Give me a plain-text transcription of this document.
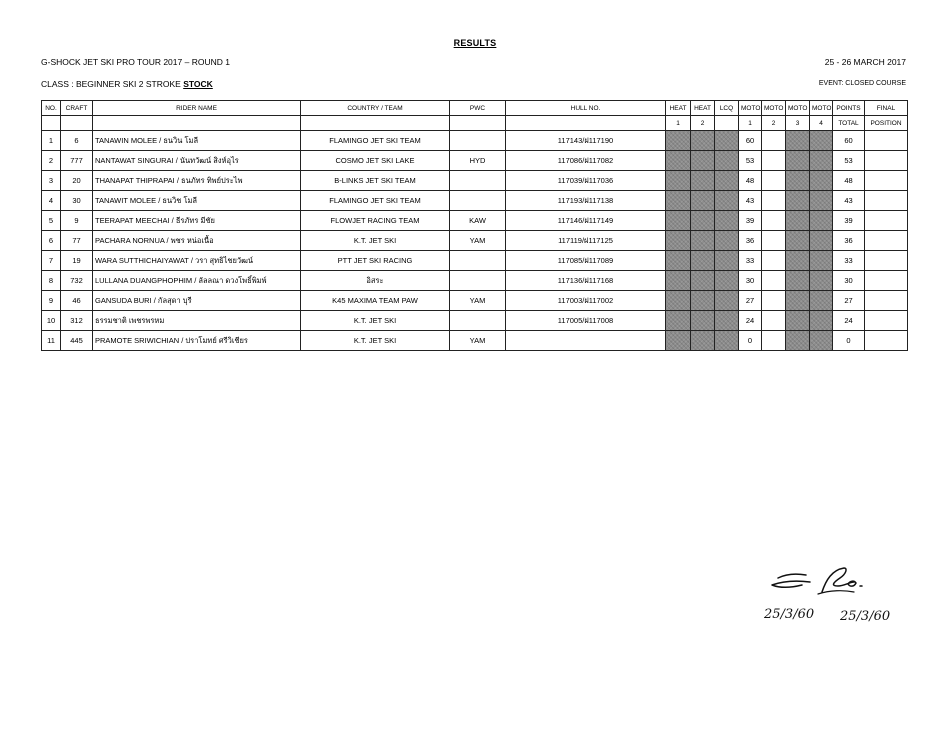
RESULTS
G-SHOCK JET SKI PRO TOUR 2017 – ROUND 1	25 - 26 MARCH 2017
CLASS : BEGINNER SKI 2 STROKE STOCK	EVENT: CLOSED COURSE
NO.	CRAFT	RIDER NAME	COUNTRY / TEAM	PWC	HULL NO.	HEAT	HEAT	LCQ	MOTO	MOTO	MOTO	MOTO	POINTS	FINAL
						1	2		1	2	3	4	TOTAL	POSITION
1	6	TANAWIN MOLEE / ธนวิน โมลี	FLAMINGO JET SKI TEAM		117143/ฝ117190				60				60	
2	777	NANTAWAT SINGURAI / นันทวัฒน์ สิงห์อุไร	COSMO JET SKI LAKE	HYD	117086/ฝ117082				53				53	
3	20	THANAPAT THIPRAPAI / ธนภัทร ทิพย์ประไพ	B-LINKS JET SKI TEAM		117039/ฝ117036				48				48	
4	30	TANAWIT MOLEE / ธนวิช โมลี	FLAMINGO JET SKI TEAM		117193/ฝ117138				43				43	
5	9	TEERAPAT MEECHAI / ธีรภัทร มีชัย	FLOWJET RACING TEAM	KAW	117146/ฝ117149				39				39	
6	77	PACHARA NORNUA / พชร หน่อเนื้อ	K.T. JET SKI	YAM	117119/ฝ117125				36				36	
7	19	WARA SUTTHICHAIYAWAT / วรา สุทธิไชยวัฒน์	PTT JET SKI RACING		117085/ฝ117089				33				33	
8	732	LULLANA DUANGPHOPHIM / ลัลลณา ดวงโพธิ์พิมพ์	อิสระ		117136/ฝ117168				30				30	
9	46	GANSUDA BURI / กัลสุดา บุรี	K45 MAXIMA TEAM PAW	YAM	117003/ฝ117002				27				27	
10	312	ธรรมชาติ เพชรพรหม	K.T. JET SKI		117005/ฝ117008				24				24	
11	445	PRAMOTE SRIWICHIAN / ปราโมทย์ ศรีวิเชียร	K.T. JET SKI	YAM					0				0	
25/3/60 25/3/60
